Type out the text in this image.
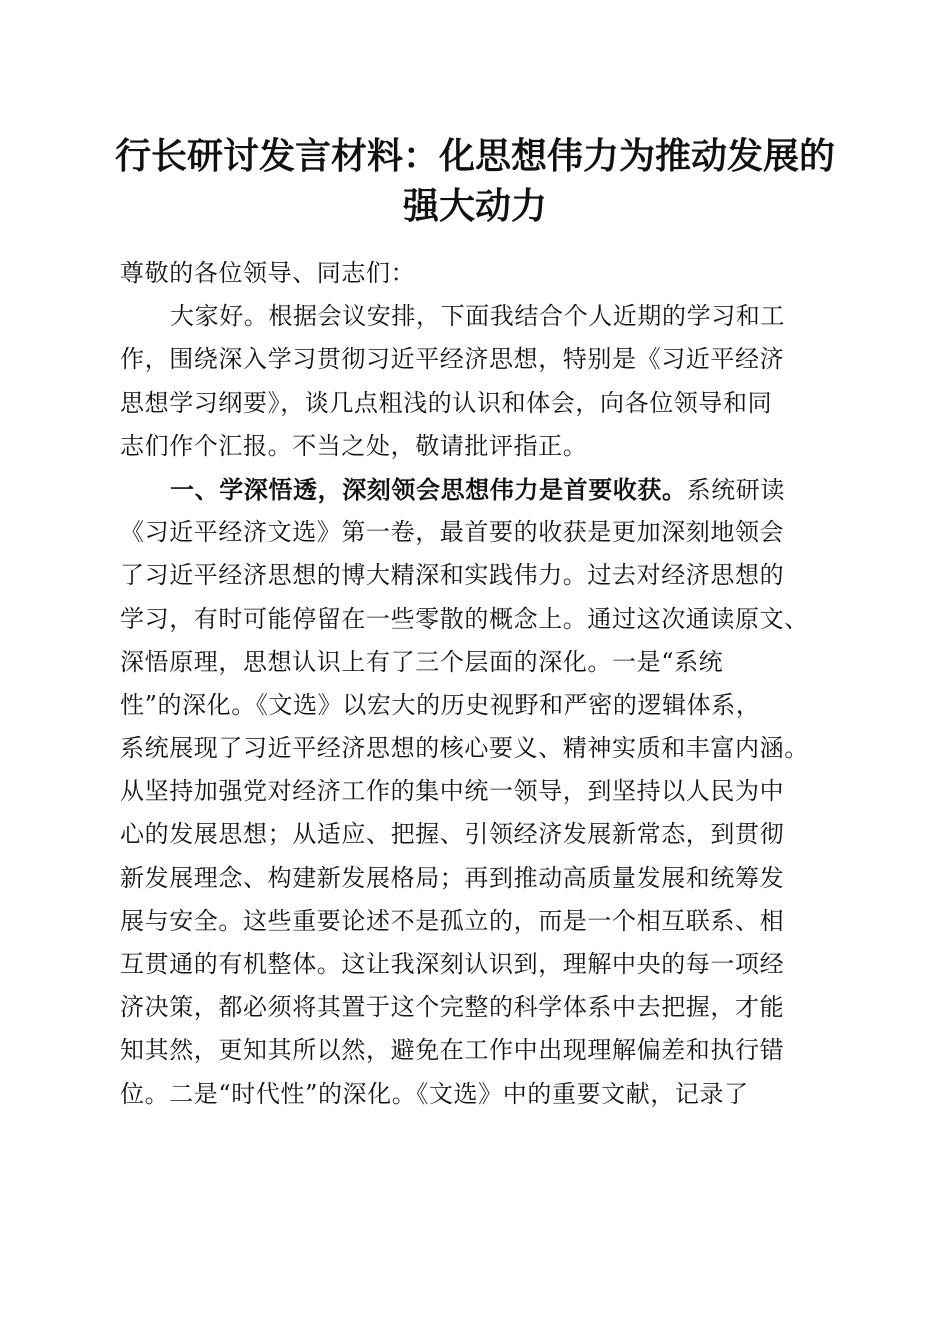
行长研讨发言材料：化思想伟力为推动发展的
强大动力
尊敬的各位领导、同志们：
大家好。根据会议安排，下面我结合个人近期的学习和工
作，围绕深入学习贯彻习近平经济思想，特别是《习近平经济
思想学习纲要》，谈几点粗浅的认识和体会，向各位领导和同
志们作个汇报。不当之处，敬请批评指正。
一、学深悟透，深刻领会思想伟力是首要收获。系统研读
《习近平经济文选》第一卷，最首要的收获是更加深刻地领会
了习近平经济思想的博大精深和实践伟力。过去对经济思想的
学习，有时可能停留在一些零散的概念上。通过这次通读原文、
深悟原理，思想认识上有了三个层面的深化。一是“系统
性”的深化。《文选》以宏大的历史视野和严密的逻辑体系，
系统展现了习近平经济思想的核心要义、精神实质和丰富内涵。
从坚持加强党对经济工作的集中统一领导，到坚持以人民为中
心的发展思想；从适应、把握、引领经济发展新常态，到贯彻
新发展理念、构建新发展格局；再到推动高质量发展和统筹发
展与安全。这些重要论述不是孤立的，而是一个相互联系、相
互贯通的有机整体。这让我深刻认识到，理解中央的每一项经
济决策，都必须将其置于这个完整的科学体系中去把握，才能
知其然，更知其所以然，避免在工作中出现理解偏差和执行错
位。二是“时代性”的深化。《文选》中的重要文献，记录了
